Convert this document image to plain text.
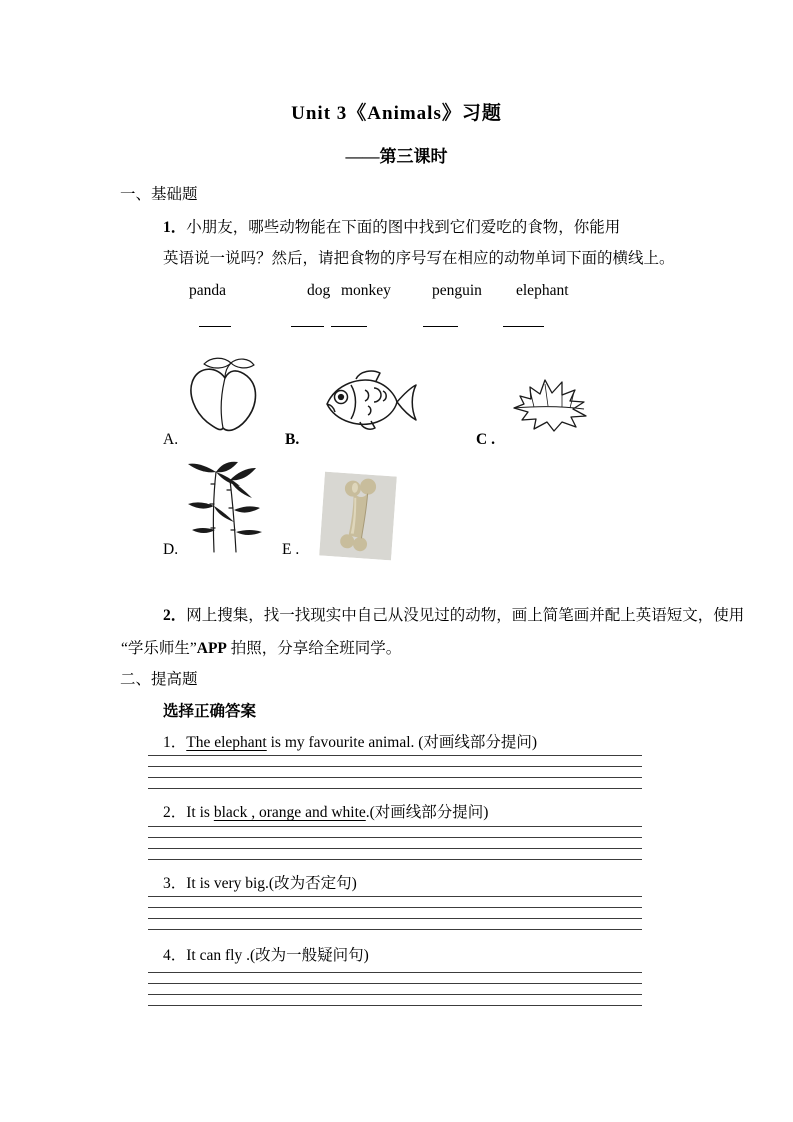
Unit 3《Animals》习题
——第三课时
一、基础题
1．小朋友，哪些动物能在下面的图中找到它们爱吃的食物，你能用
英语说一说吗？然后，请把食物的序号写在相应的动物单词下面的横线上。
panda	dog monkey	penguin elephant
A.	B.	C .
D.	E .
2．网上搜集，找一找现实中自己从没见过的动物，画上简笔画并配上英语短文，使用
“学乐师生”APP 拍照，分享给全班同学。
二、提高题
选择正确答案
1．The elephant is my favourite animal. (对画线部分提问)
2．It is black , orange and white.(对画线部分提问)
3．It is very big.(改为否定句)
4．It can fly .(改为一般疑问句)
